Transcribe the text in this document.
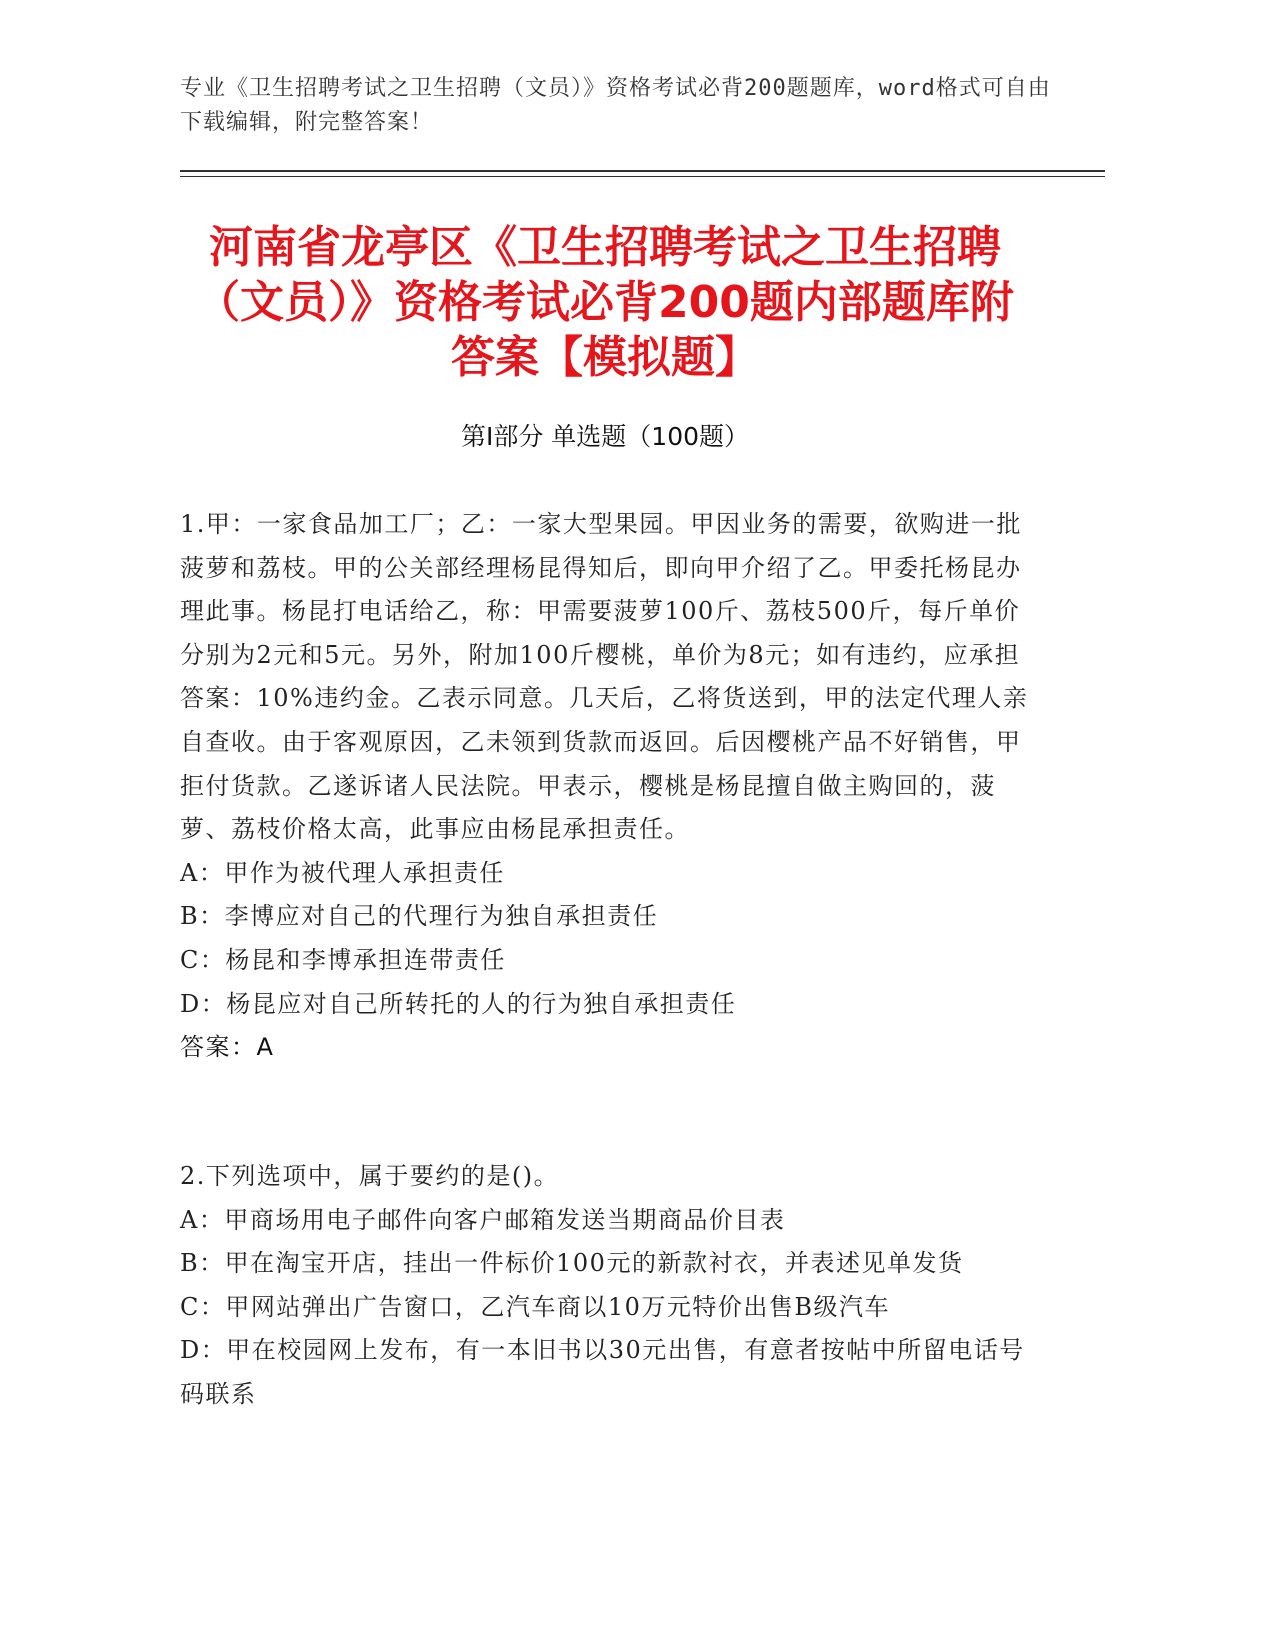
专业《卫生招聘考试之卫生招聘（文员）》资格考试必背200题题库，word格式可自由下载编辑，附完整答案！
河南省龙亭区《卫生招聘考试之卫生招聘（文员）》资格考试必背200题内部题库附答案【模拟题】
第I部分 单选题（100题）

1.甲：一家食品加工厂；乙：一家大型果园。甲因业务的需要，欲购进一批菠萝和荔枝。甲的公关部经理杨昆得知后，即向甲介绍了乙。甲委托杨昆办理此事。杨昆打电话给乙，称：甲需要菠萝100斤、荔枝500斤，每斤单价分别为2元和5元。另外，附加100斤樱桃，单价为8元；如有违约，应承担答案：10%违约金。乙表示同意。几天后，乙将货送到，甲的法定代理人亲自查收。由于客观原因，乙未领到货款而返回。后因樱桃产品不好销售，甲拒付货款。乙遂诉诸人民法院。甲表示，樱桃是杨昆擅自做主购回的，菠萝、荔枝价格太高，此事应由杨昆承担责任。

A：甲作为被代理人承担责任

B：李博应对自己的代理行为独自承担责任

C：杨昆和李博承担连带责任

D：杨昆应对自己所转托的人的行为独自承担责任

答案：A

2.下列选项中，属于要约的是()。

A：甲商场用电子邮件向客户邮箱发送当期商品价目表

B：甲在淘宝开店，挂出一件标价100元的新款衬衣，并表述见单发货

C：甲网站弹出广告窗口，乙汽车商以10万元特价出售B级汽车

D：甲在校园网上发布，有一本旧书以30元出售，有意者按帖中所留电话号码联系
